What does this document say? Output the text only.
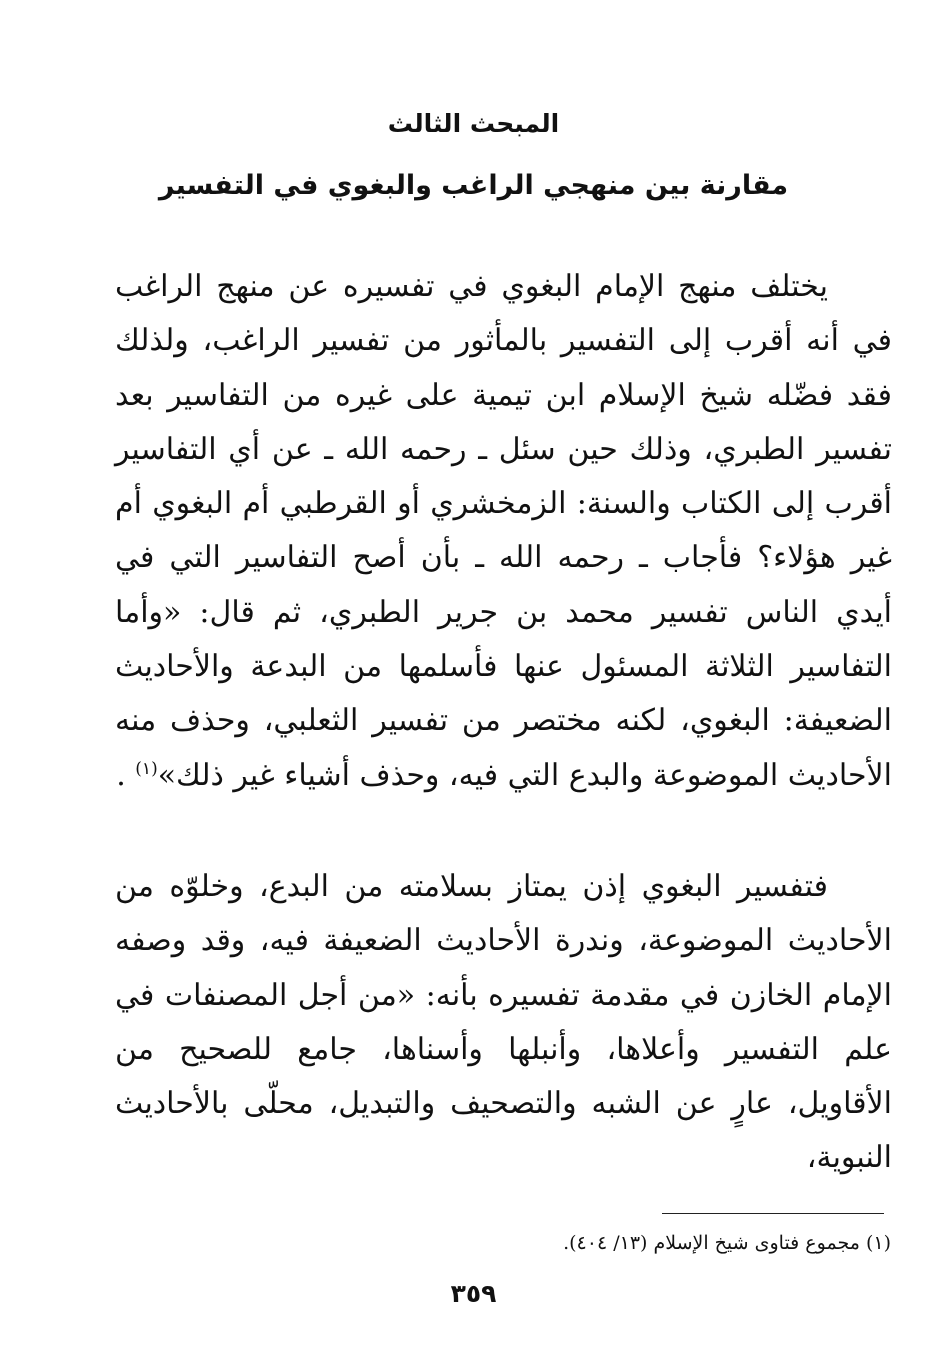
المبحث الثالث
مقارنة بين منهجي الراغب والبغوي في التفسير

يختلف منهج الإمام البغوي في تفسيره عن منهج الراغب في أنه أقرب إلى التفسير بالمأثور من تفسير الراغب، ولذلك فقد فضّله شيخ الإسلام ابن تيمية على غيره من التفاسير بعد تفسير الطبري، وذلك حين سئل ـ رحمه الله ـ عن أي التفاسير أقرب إلى الكتاب والسنة: الزمخشري أو القرطبي أم البغوي أم غير هؤلاء؟ فأجاب ـ رحمه الله ـ بأن أصح التفاسير التي في أيدي الناس تفسير محمد بن جرير الطبري، ثم قال: «وأما التفاسير الثلاثة المسئول عنها فأسلمها من البدعة والأحاديث الضعيفة: البغوي، لكنه مختصر من تفسير الثعلبي، وحذف منه الأحاديث الموضوعة والبدع التي فيه، وحذف أشياء غير ذلك»$^{(١)}$ .

فتفسير البغوي إذن يمتاز بسلامته من البدع، وخلوّه من الأحاديث الموضوعة، وندرة الأحاديث الضعيفة فيه، وقد وصفه الإمام الخازن في مقدمة تفسيره بأنه: «من أجل المصنفات في علم التفسير وأعلاها، وأنبلها وأسناها، جامع للصحيح من الأقاويل، عارٍ عن الشبه والتصحيف والتبديل، محلّى بالأحاديث النبوية،

(١) مجموع فتاوى شيخ الإسلام (١٣/ ٤٠٤).
٣٥٩
